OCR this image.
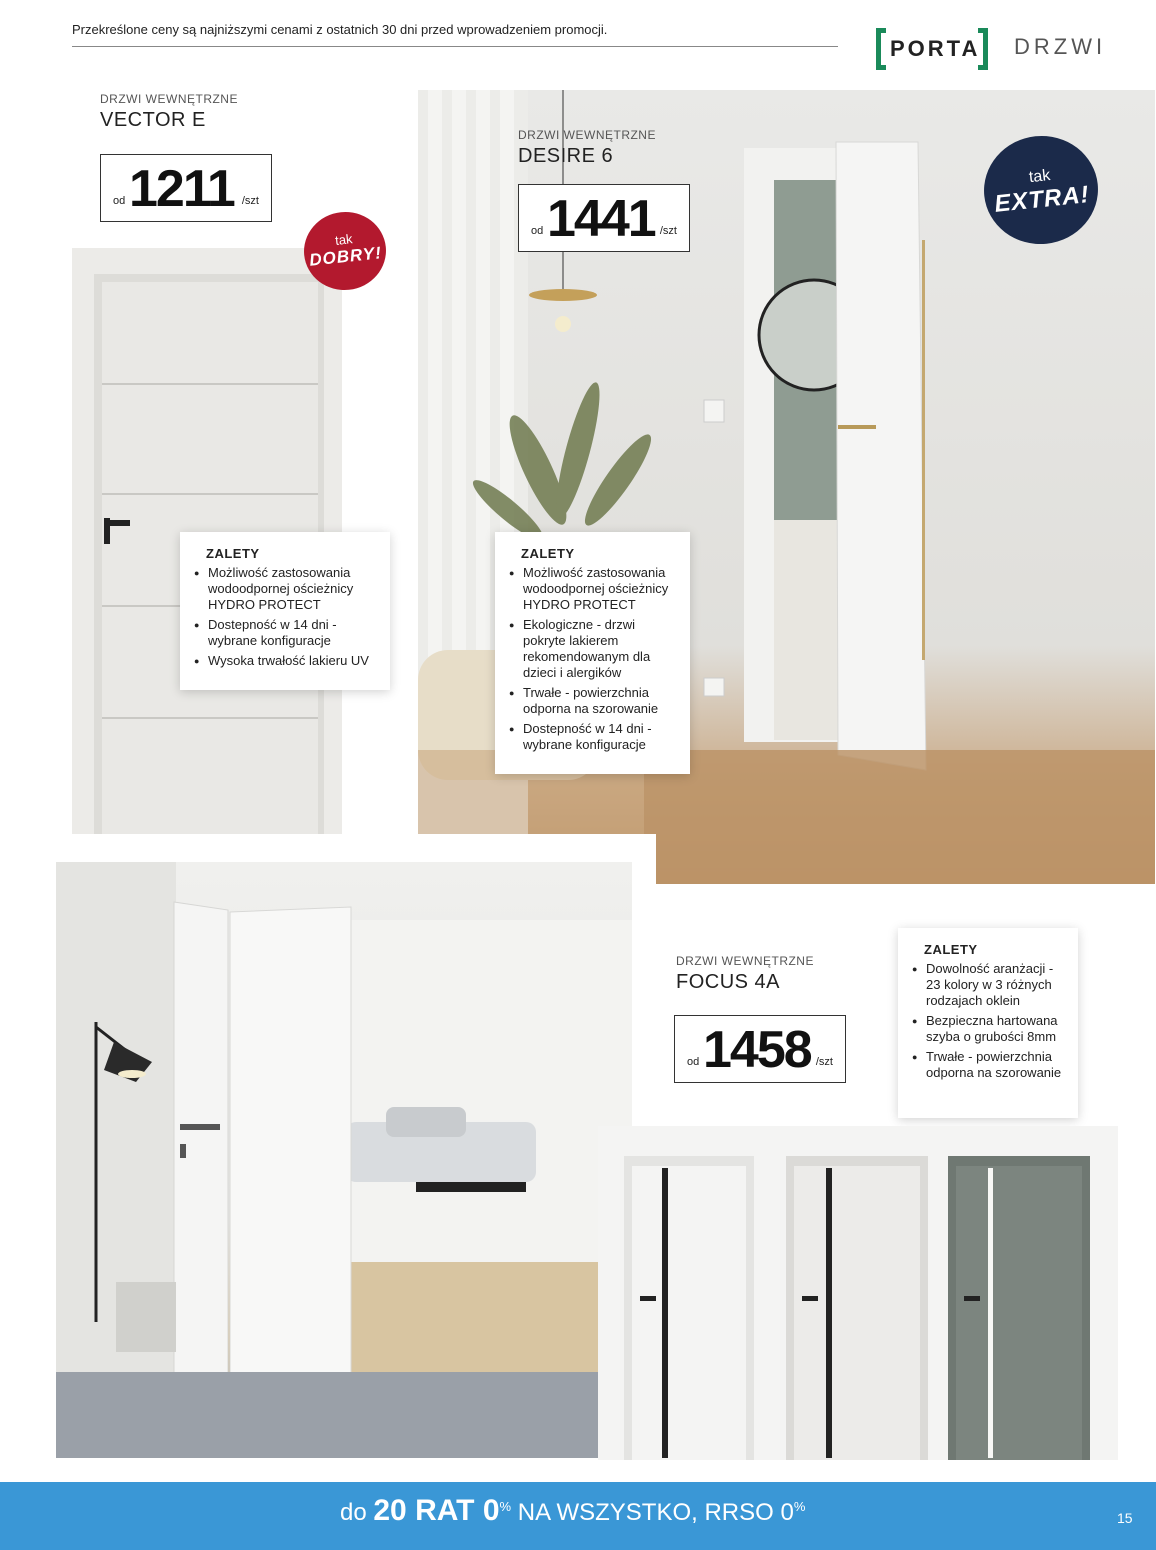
Przekreślone ceny są najniższymi cenami z ostatnich 30 dni przed wprowadzeniem promocji.
PORTA DRZWI
DRZWI WEWNĘTRZNE
VECTOR E
od 1211 /szt
tak
DOBRY!
DRZWI WEWNĘTRZNE
DESIRE 6
od 1441 /szt
tak
EXTRA!
ZALETY
● Możliwość zastosowania wodoodpornej ościeżnicy HYDRO PROTECT
● Dostepność w 14 dni - wybrane konfiguracje
● Wysoka trwałość lakieru UV
ZALETY
● Możliwość zastosowania wodoodpornej ościeżnicy HYDRO PROTECT
● Ekologiczne - drzwi pokryte lakierem rekomendowanym dla dzieci i alergików
● Trwałe - powierzchnia odporna na szorowanie
● Dostepność w 14 dni - wybrane konfiguracje
DRZWI WEWNĘTRZNE
FOCUS 4A
od 1458 /szt
ZALETY
● Dowolność aranżacji - 23 kolory w 3 różnych rodzajach oklein
● Bezpieczna hartowana szyba o grubości 8mm
● Trwałe - powierzchnia odporna na szorowanie
do 20 RAT 0% NA WSZYSTKO, RRSO 0%
15
